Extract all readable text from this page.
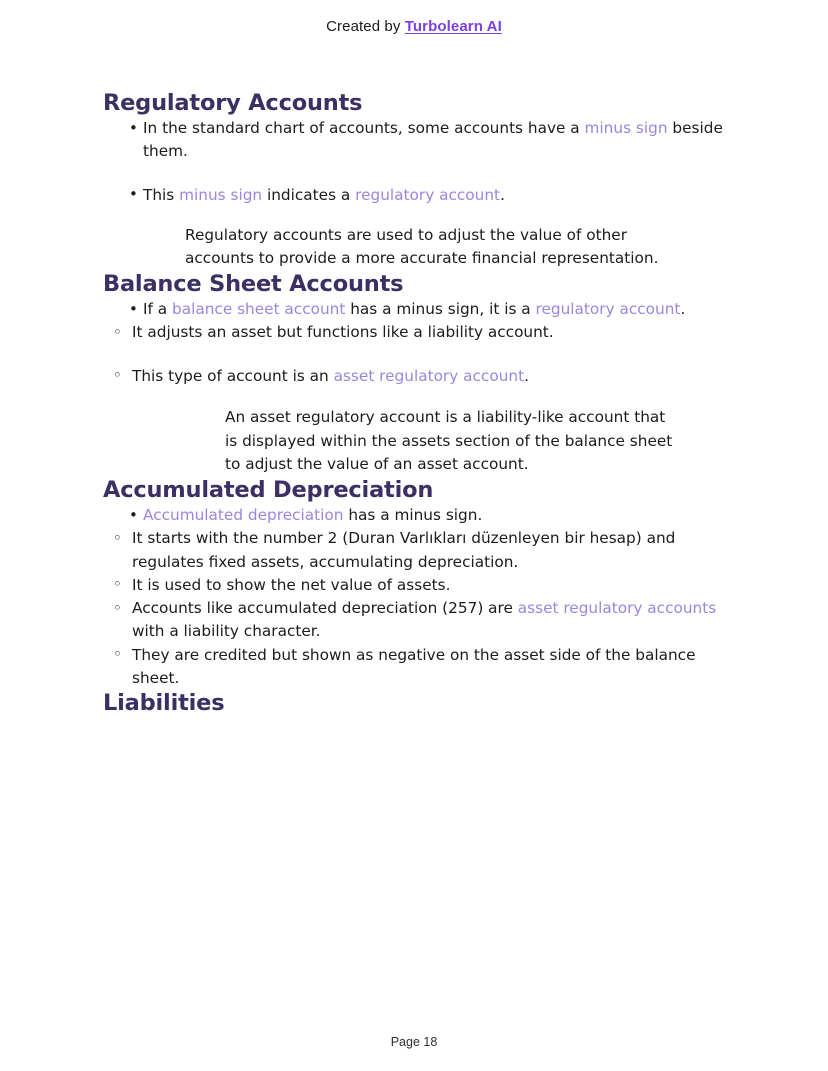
Created by Turbolearn AI
Regulatory Accounts
• In the standard chart of accounts, some accounts have a minus sign beside them.
• This minus sign indicates a regulatory account.

Regulatory accounts are used to adjust the value of other accounts to provide a more accurate financial representation.

Balance Sheet Accounts
• If a balance sheet account has a minus sign, it is a regulatory account.
◦ It adjusts an asset but functions like a liability account.
◦ This type of account is an asset regulatory account.

An asset regulatory account is a liability-like account that is displayed within the assets section of the balance sheet to adjust the value of an asset account.

Accumulated Depreciation
• Accumulated depreciation has a minus sign.
◦ It starts with the number 2 (Duran Varlıkları düzenleyen bir hesap) and regulates fixed assets, accumulating depreciation.
◦ It is used to show the net value of assets.
◦ Accounts like accumulated depreciation (257) are asset regulatory accounts with a liability character.
◦ They are credited but shown as negative on the asset side of the balance sheet.
Liabilities
Page 18
